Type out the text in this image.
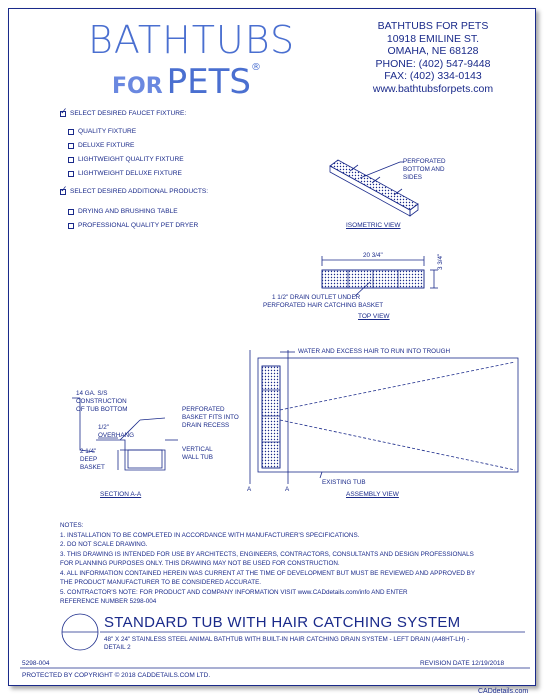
BATHTUBS
FOR PETS®
BATHTUBS FOR PETS
10918 EMILINE ST.
OMAHA, NE 68128
PHONE: (402) 547-9448
FAX: (402) 334-0143
www.bathtubsforpets.com
✓
SELECT DESIRED FAUCET FIXTURE:
QUALITY FIXTURE
DELUXE FIXTURE
LIGHTWEIGHT QUALITY FIXTURE
LIGHTWEIGHT DELUXE FIXTURE
✓
SELECT DESIRED ADDITIONAL PRODUCTS:
DRYING AND BRUSHING TABLE
PROFESSIONAL QUALITY PET DRYER
PERFORATED
BOTTOM AND
SIDES
ISOMETRIC VIEW
20 3/4"	3 3/4"
1 1/2" DRAIN OUTLET UNDER
PERFORATED HAIR CATCHING BASKET
TOP VIEW
14 GA. S/S
CONSTRUCTION
OF TUB BOTTOM
1/2"
OVERHANG
2 1/4"
DEEP
BASKET
PERFORATED
BASKET FITS INTO
DRAIN RECESS
VERTICAL
WALL TUB
SECTION A-A
WATER AND EXCESS HAIR TO RUN INTO TROUGH
A	A
EXISTING TUB
ASSEMBLY VIEW
NOTES:
1. INSTALLATION TO BE COMPLETED IN ACCORDANCE WITH MANUFACTURER'S SPECIFICATIONS.
2. DO NOT SCALE DRAWING.
3. THIS DRAWING IS INTENDED FOR USE BY ARCHITECTS, ENGINEERS, CONTRACTORS, CONSULTANTS AND DESIGN PROFESSIONALS
FOR PLANNING PURPOSES ONLY. THIS DRAWING MAY NOT BE USED FOR CONSTRUCTION.
4. ALL INFORMATION CONTAINED HEREIN WAS CURRENT AT THE TIME OF DEVELOPMENT BUT MUST BE REVIEWED AND APPROVED BY
THE PRODUCT MANUFACTURER TO BE CONSIDERED ACCURATE.
5. CONTRACTOR'S NOTE: FOR PRODUCT AND COMPANY INFORMATION VISIT www.CADdetails.com/info AND ENTER
REFERENCE NUMBER 5298-004
STANDARD TUB WITH HAIR CATCHING SYSTEM
48" X 24" STAINLESS STEEL ANIMAL BATHTUB WITH BUILT-IN HAIR CATCHING DRAIN SYSTEM - LEFT DRAIN (A48HT-LH) -
DETAIL 2
5298-004	REVISION DATE 12/19/2018
PROTECTED BY COPYRIGHT © 2018 CADDETAILS.COM LTD.
CADdetails.com
